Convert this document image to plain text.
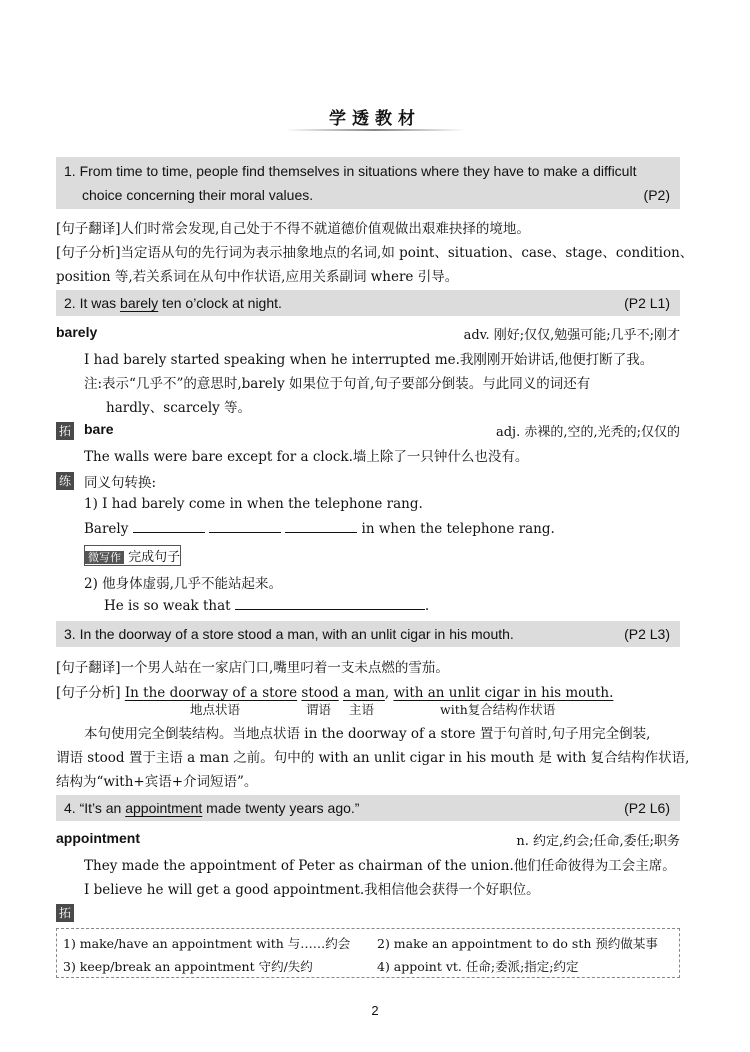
学透教材
1. From time to time, people find themselves in situations where they have to make a difficult
choice concerning their moral values.	(P2)
[句子翻译]人们时常会发现,自己处于不得不就道德价值观做出艰难抉择的境地。
[句子分析]当定语从句的先行词为表示抽象地点的名词,如 point、situation、case、stage、condition、
position 等,若关系词在从句中作状语,应用关系副词 where 引导。
2. It was barely ten o’clock at night.	(P2 L1)
barely	adv. 刚好;仅仅,勉强可能;几乎不;刚才
I had barely started speaking when he interrupted me.我刚刚开始讲话,他便打断了我。
注:表示“几乎不”的意思时,barely 如果位于句首,句子要部分倒装。与此同义的词还有
hardly、scarcely 等。
拓 bare	adj. 赤裸的,空的,光秃的;仅仅的
The walls were bare except for a clock.墙上除了一只钟什么也没有。
练 同义句转换:
1) I had barely come in when the telephone rang.
Barely	in when the telephone rang.
微写作 完成句子
2) 他身体虚弱,几乎不能站起来。
He is so weak that	.
3. In the doorway of a store stood a man, with an unlit cigar in his mouth.	(P2 L3)
[句子翻译]一个男人站在一家店门口,嘴里叼着一支未点燃的雪茄。
[句子分析] In the doorway of a store stood a man, with an unlit cigar in his mouth.
地点状语	谓语 主语	with复合结构作状语
本句使用完全倒装结构。当地点状语 in the doorway of a store 置于句首时,句子用完全倒装,
谓语 stood 置于主语 a man 之前。句中的 with an unlit cigar in his mouth 是 with 复合结构作状语,
结构为“with+宾语+介词短语”。
4. “It’s an appointment made twenty years ago.”	(P2 L6)
appointment	n. 约定,约会;任命,委任;职务
They made the appointment of Peter as chairman of the union.他们任命彼得为工会主席。
I believe he will get a good appointment.我相信他会获得一个好职位。
拓
1) make/have an appointment with 与……约会 2) make an appointment to do sth 预约做某事
3) keep/break an appointment 守约/失约	4) appoint vt. 任命;委派;指定;约定
2
